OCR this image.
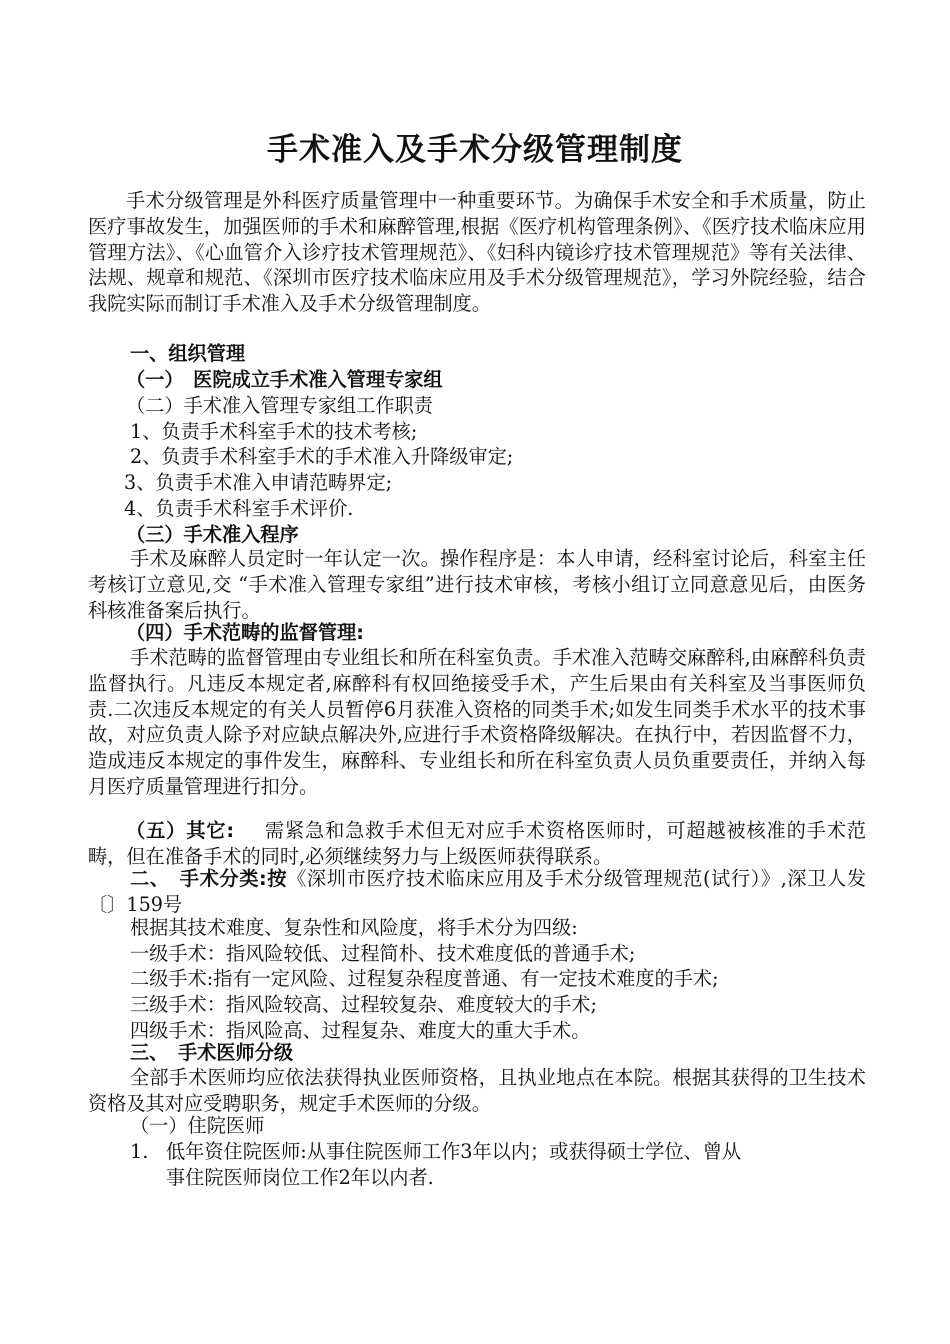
手术准入及手术分级管理制度
手术分级管理是外科医疗质量管理中一种重要环节。为确保手术安全和手术质量，防止医疗事故发生，加强医师的手术和麻醉管理,根据《医疗机构管理条例》、《医疗技术临床应用管理方法》、《心血管介入诊疗技术管理规范》、《妇科内镜诊疗技术管理规范》等有关法律、法规、规章和规范、《深圳市医疗技术临床应用及手术分级管理规范》，学习外院经验，结合我院实际而制订手术准入及手术分级管理制度。
一、组织管理
（一）　医院成立手术准入管理专家组
（二）手术准入管理专家组工作职责
1、负责手术科室手术的技术考核;
2、负责手术科室手术的手术准入升降级审定;
3、负责手术准入申请范畴界定;
4、负责手术科室手术评价.
（三）手术准入程序
手术及麻醉人员定时一年认定一次。操作程序是：本人申请，经科室讨论后，科室主任考核订立意见,交 “手术准入管理专家组”进行技术审核，考核小组订立同意意见后，由医务科核准备案后执行。
（四）手术范畴的监督管理:
手术范畴的监督管理由专业组长和所在科室负责。手术准入范畴交麻醉科,由麻醉科负责监督执行。凡违反本规定者,麻醉科有权回绝接受手术，产生后果由有关科室及当事医师负责.二次违反本规定的有关人员暂停6月获准入资格的同类手术;如发生同类手术水平的技术事故，对应负责人除予对应缺点解决外,应进行手术资格降级解决。在执行中，若因监督不力，造成违反本规定的事件发生，麻醉科、专业组长和所在科室负责人员负重要责任，并纳入每月医疗质量管理进行扣分。
（五）其它: 需紧急和急救手术但无对应手术资格医师时，可超越被核准的手术范畴，但在准备手术的同时,必须继续努力与上级医师获得联系。
二、　手术分类:按《深圳市医疗技术临床应用及手术分级管理规范(试行）》,深卫人发〔〕159号
根据其技术难度、复杂性和风险度，将手术分为四级:
一级手术：指风险较低、过程简朴、技术难度低的普通手术;
二级手术:指有一定风险、过程复杂程度普通、有一定技术难度的手术;
三级手术：指风险较高、过程较复杂、难度较大的手术;
四级手术：指风险高、过程复杂、难度大的重大手术。
三、　手术医师分级
全部手术医师均应依法获得执业医师资格，且执业地点在本院。根据其获得的卫生技术资格及其对应受聘职务，规定手术医师的分级。
（一）住院医师
1. 低年资住院医师:从事住院医师工作3年以内；或获得硕士学位、曾从
事住院医师岗位工作2年以内者.
